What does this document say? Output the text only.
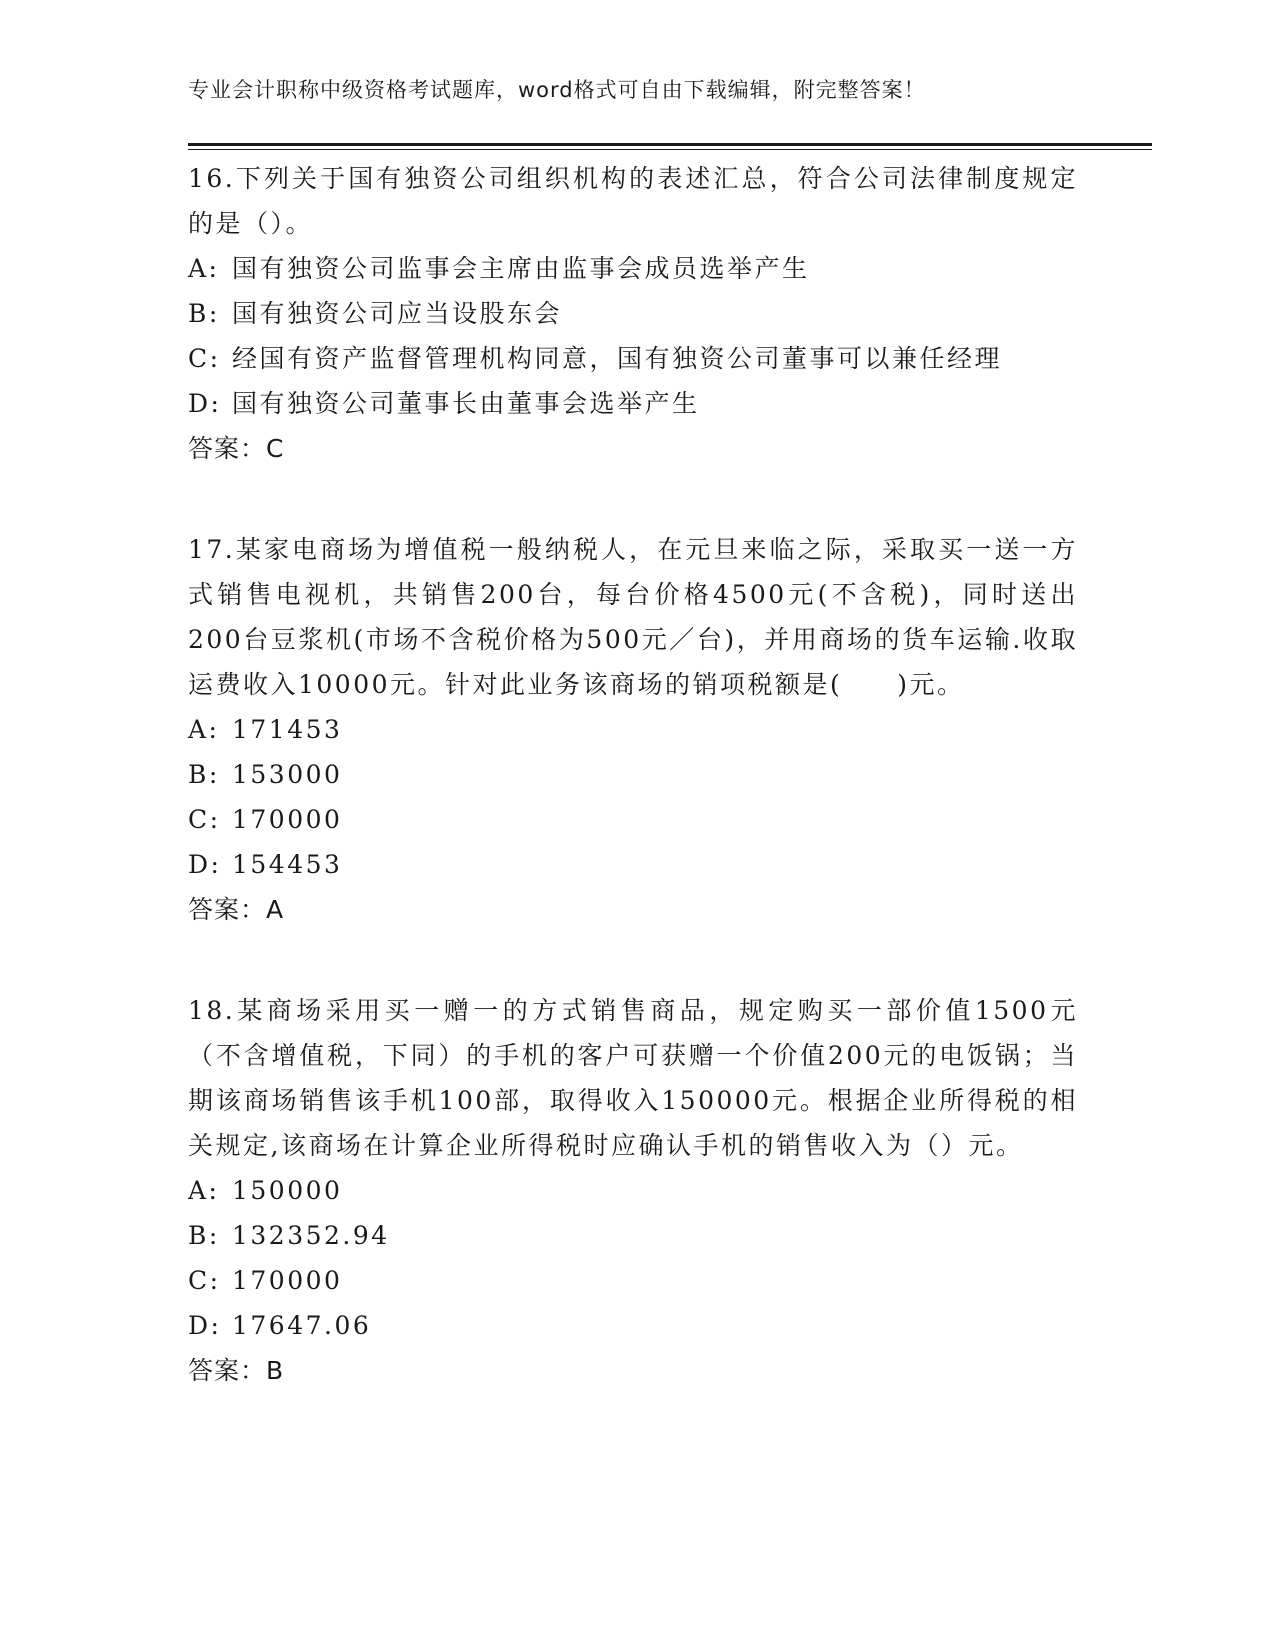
专业会计职称中级资格考试题库，word格式可自由下载编辑，附完整答案！

16.下列关于国有独资公司组织机构的表述汇总，符合公司法律制度规定的是（）。

A: 国有独资公司监事会主席由监事会成员选举产生

B: 国有独资公司应当设股东会

C: 经国有资产监督管理机构同意，国有独资公司董事可以兼任经理

D: 国有独资公司董事长由董事会选举产生

答案：C

17.某家电商场为增值税一般纳税人，在元旦来临之际，采取买一送一方式销售电视机，共销售200台，每台价格4500元(不含税)，同时送出200台豆浆机(市场不含税价格为500元／台)，并用商场的货车运输.收取运费收入10000元。针对此业务该商场的销项税额是(　　)元。

A: 171453

B: 153000

C: 170000

D: 154453

答案：A

18.某商场采用买一赠一的方式销售商品，规定购买一部价值1500元（不含增值税，下同）的手机的客户可获赠一个价值200元的电饭锅；当期该商场销售该手机100部，取得收入150000元。根据企业所得税的相关规定,该商场在计算企业所得税时应确认手机的销售收入为（）元。

A: 150000

B: 132352.94

C: 170000

D: 17647.06

答案：B
